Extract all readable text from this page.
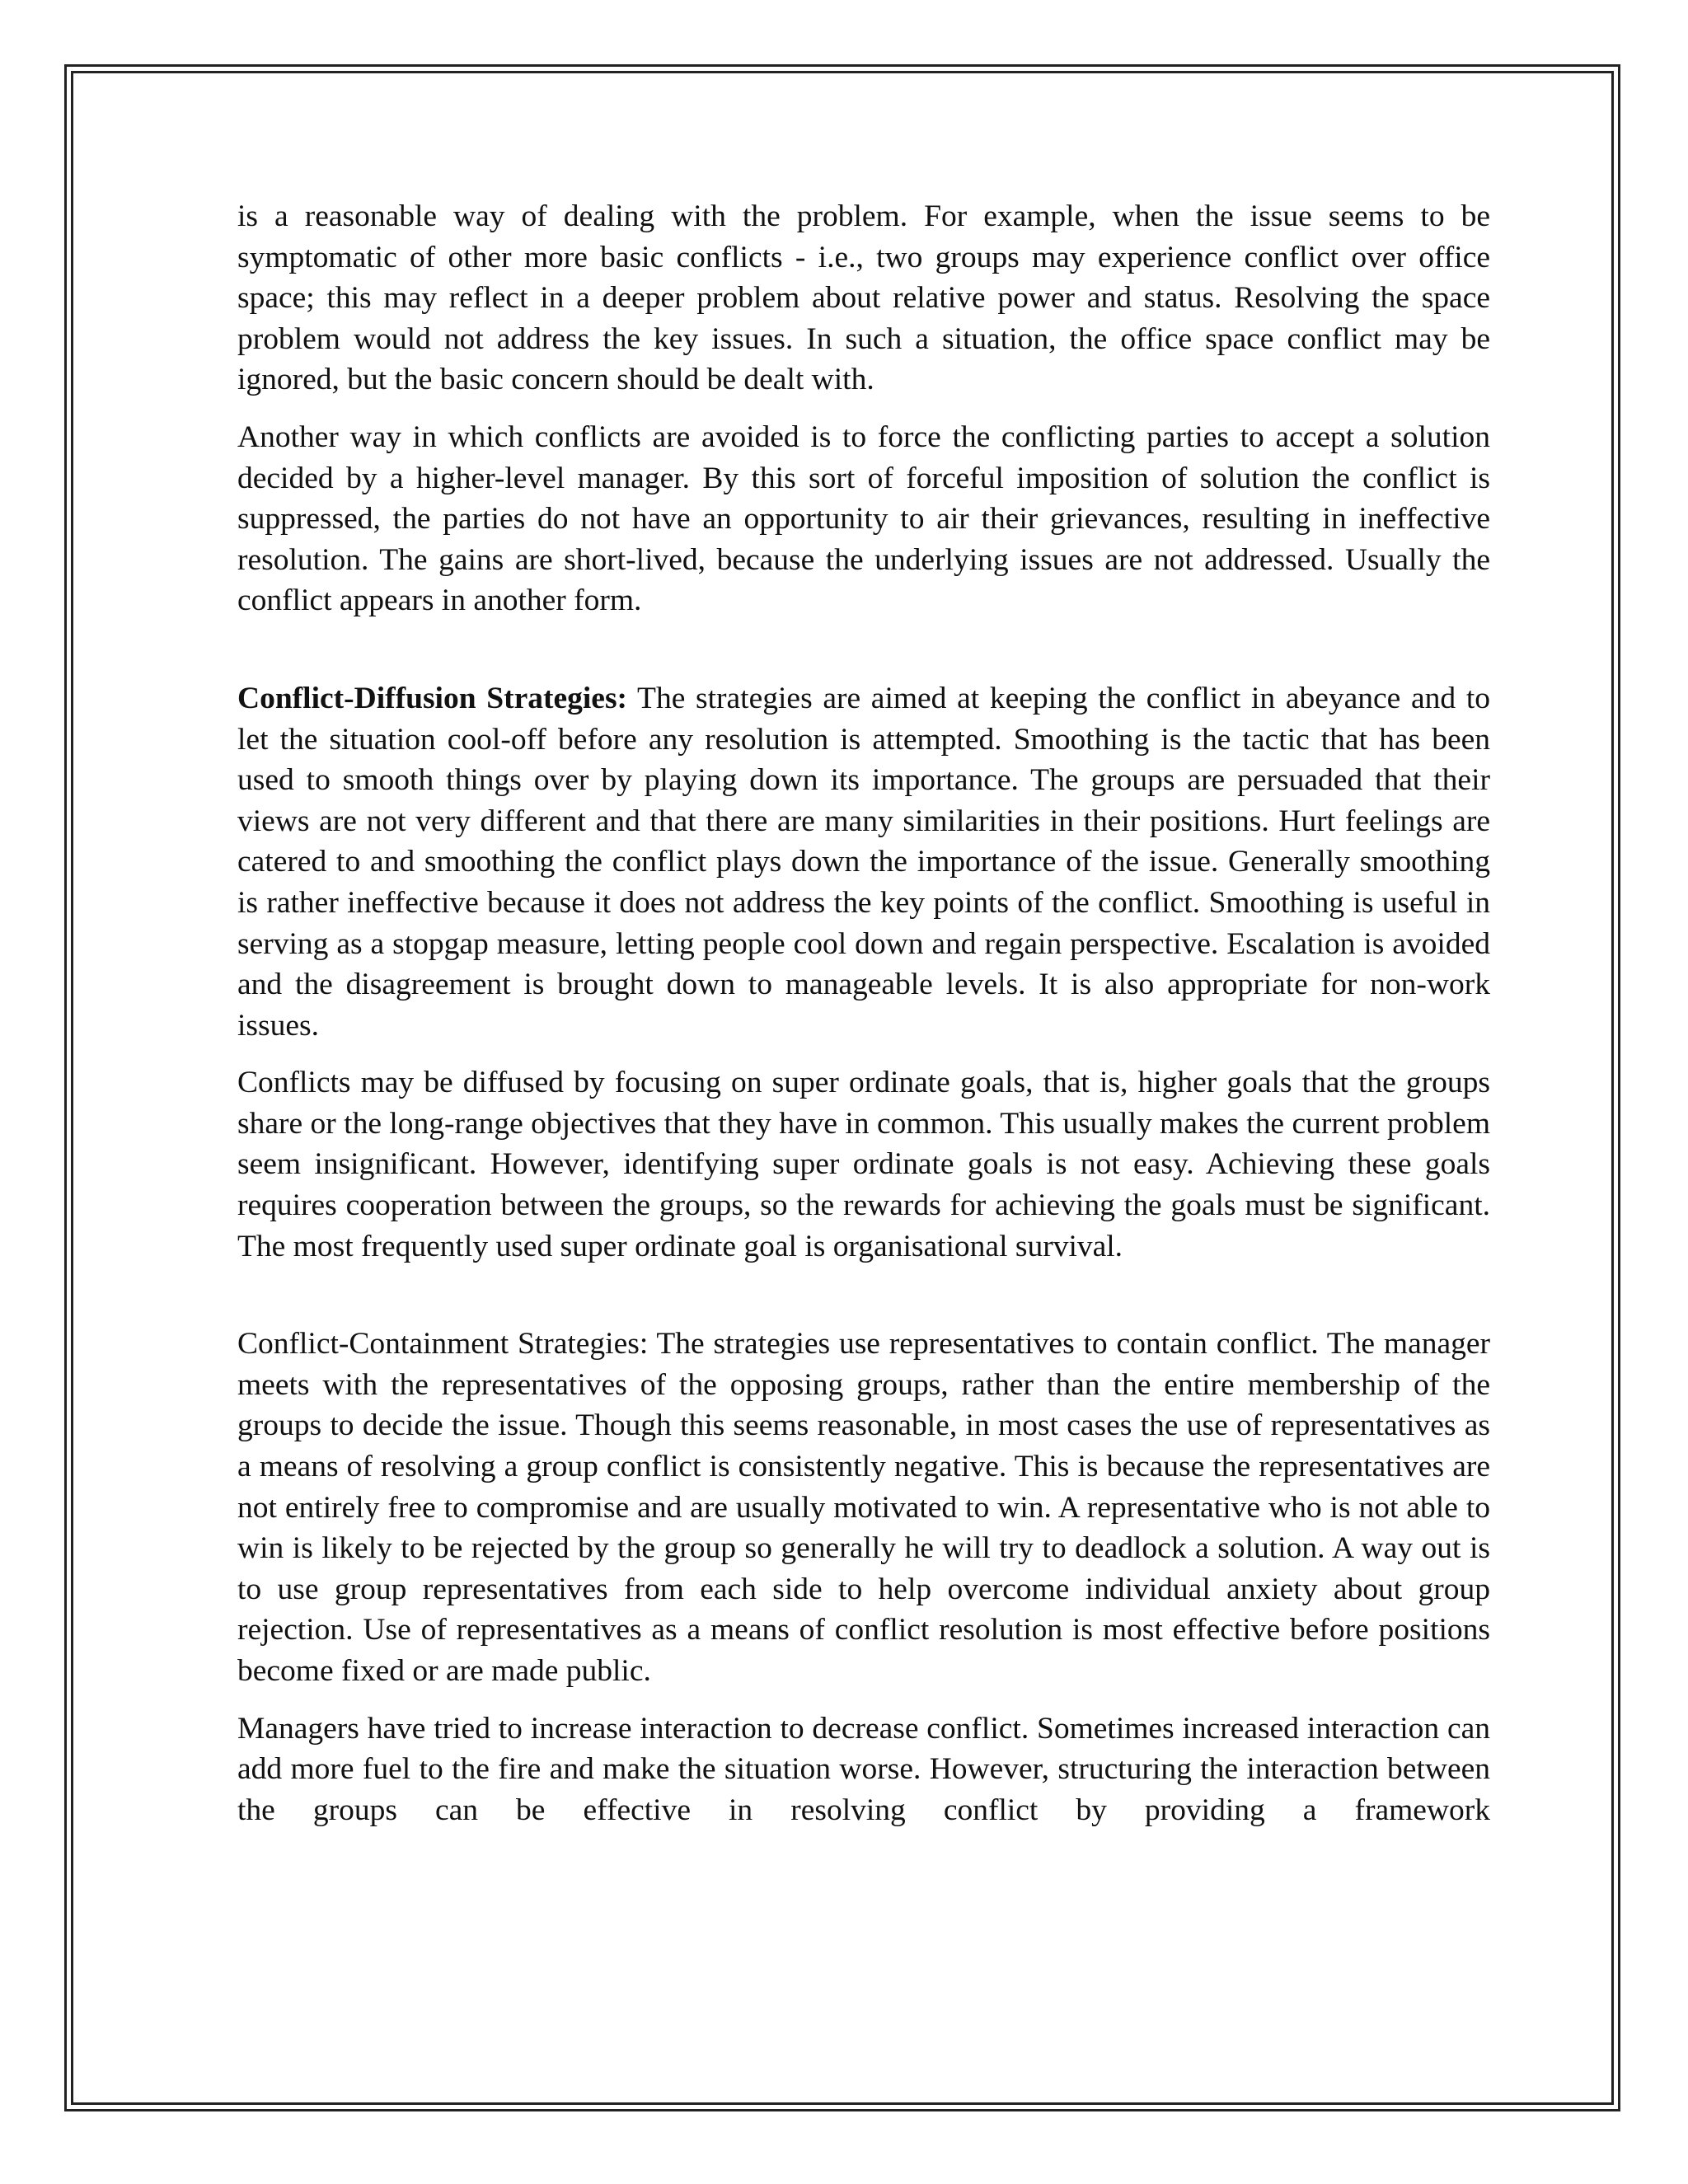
is a reasonable way of dealing with the problem. For example, when the issue seems to be symptomatic of other more basic conflicts - i.e., two groups may experience conflict over office space; this may reflect in a deeper problem about relative power and status. Resolving the space problem would not address the key issues. In such a situation, the office space conflict may be ignored, but the basic concern should be dealt with.

Another way in which conflicts are avoided is to force the conflicting parties to accept a solution decided by a higher-level manager. By this sort of forceful imposition of solution the conflict is suppressed, the parties do not have an opportunity to air their grievances, resulting in ineffective resolution. The gains are short-lived, because the underlying issues are not addressed. Usually the conflict appears in another form.

Conflict-Diffusion Strategies: The strategies are aimed at keeping the conflict in abeyance and to let the situation cool-off before any resolution is attempted. Smoothing is the tactic that has been used to smooth things over by playing down its importance. The groups are persuaded that their views are not very different and that there are many similarities in their positions. Hurt feelings are catered to and smoothing the conflict plays down the importance of the issue. Generally smoothing is rather ineffective because it does not address the key points of the conflict. Smoothing is useful in serving as a stopgap measure, letting people cool down and regain perspective. Escalation is avoided and the disagreement is brought down to manageable levels. It is also appropriate for non-work issues.

Conflicts may be diffused by focusing on super ordinate goals, that is, higher goals that the groups share or the long-range objectives that they have in common. This usually makes the current problem seem insignificant. However, identifying super ordinate goals is not easy. Achieving these goals requires cooperation between the groups, so the rewards for achieving the goals must be significant. The most frequently used super ordinate goal is organisational survival.

Conflict-Containment Strategies: The strategies use representatives to contain conflict. The manager meets with the representatives of the opposing groups, rather than the entire membership of the groups to decide the issue. Though this seems reasonable, in most cases the use of representatives as a means of resolving a group conflict is consistently negative. This is because the representatives are not entirely free to compromise and are usually motivated to win. A representative who is not able to win is likely to be rejected by the group so generally he will try to deadlock a solution. A way out is to use group representatives from each side to help overcome individual anxiety about group rejection. Use of representatives as a means of conflict resolution is most effective before positions become fixed or are made public.

Managers have tried to increase interaction to decrease conflict. Sometimes increased interaction can add more fuel to the fire and make the situation worse. However, structuring the interaction between the groups can be effective in resolving conflict by providing a framework
